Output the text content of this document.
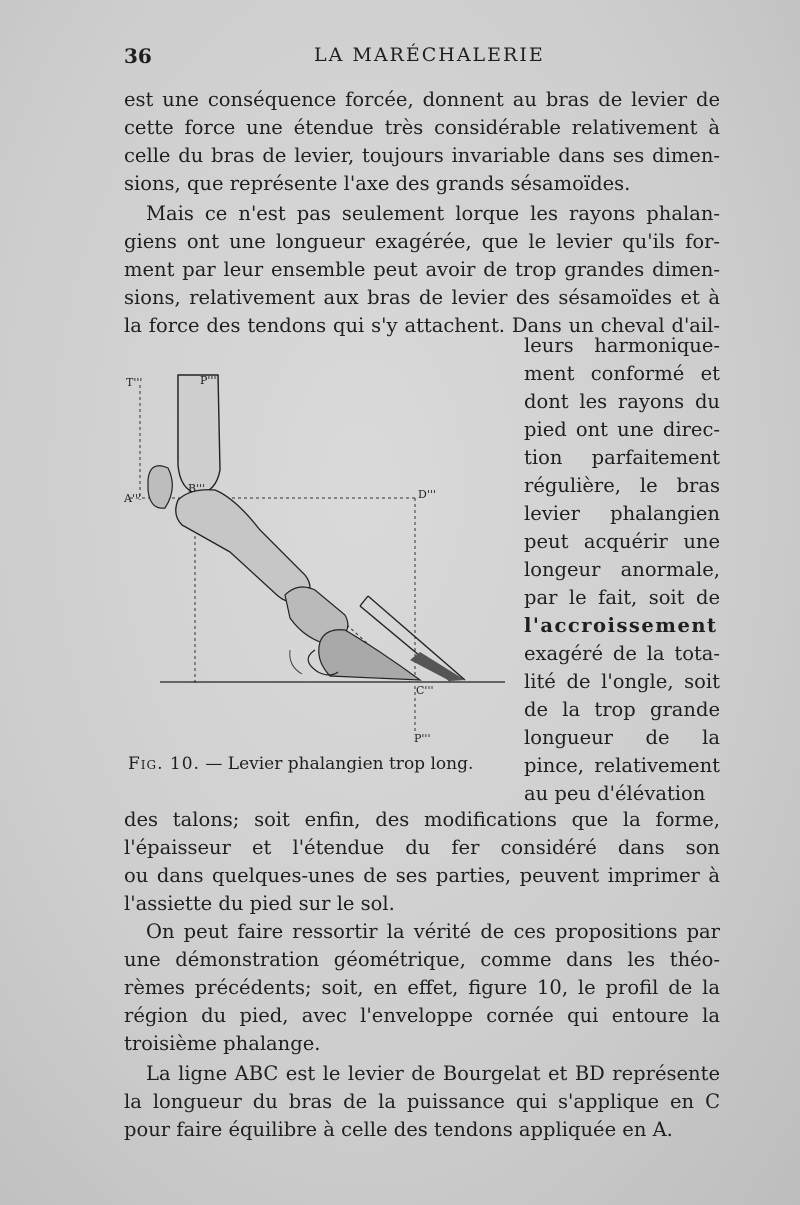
36	LA MARÉCHALERIE
est une conséquence forcée, donnent au bras de levier de
cette force une étendue très considérable relativement à
celle du bras de levier, toujours invariable dans ses dimen-
sions, que représente l'axe des grands sésamoïdes.
Mais ce n'est pas seulement lorque les rayons phalan-
giens ont une longueur exagérée, que le levier qu'ils for-
ment par leur ensemble peut avoir de trop grandes dimen-
sions, relativement aux bras de levier des sésamoïdes et à
la force des tendons qui s'y attachent. Dans un cheval d'ail-
leurs harmonique-
ment conformé et
dont les rayons du
pied ont une direc-
tion parfaitement
régulière, le bras
levier phalangien
peut acquérir une
longeur anormale,
par le fait, soit de
l'accroissement
exagéré de la tota-
lité de l'ongle, soit
de la trop grande
longueur de la
pince, relativement
au peu d'élévation
des talons; soit enfin, des modifications que la forme,
l'épaisseur et l'étendue du fer considéré dans son
ou dans quelques-unes de ses parties, peuvent imprimer à
l'assiette du pied sur le sol.
On peut faire ressortir la vérité de ces propositions par
une démonstration géométrique, comme dans les théo-
rèmes précédents; soit, en effet, figure 10, le profil de la
région du pied, avec l'enveloppe cornée qui entoure la
troisième phalange.
La ligne ABC est le levier de Bourgelat et BD représente
la longueur du bras de la puissance qui s'applique en C
pour faire équilibre à celle des tendons appliquée en A.
T'''	P'''
A'''
B'''	D'''
C'''
P'''
Fig. 10. — Levier phalangien trop long.
